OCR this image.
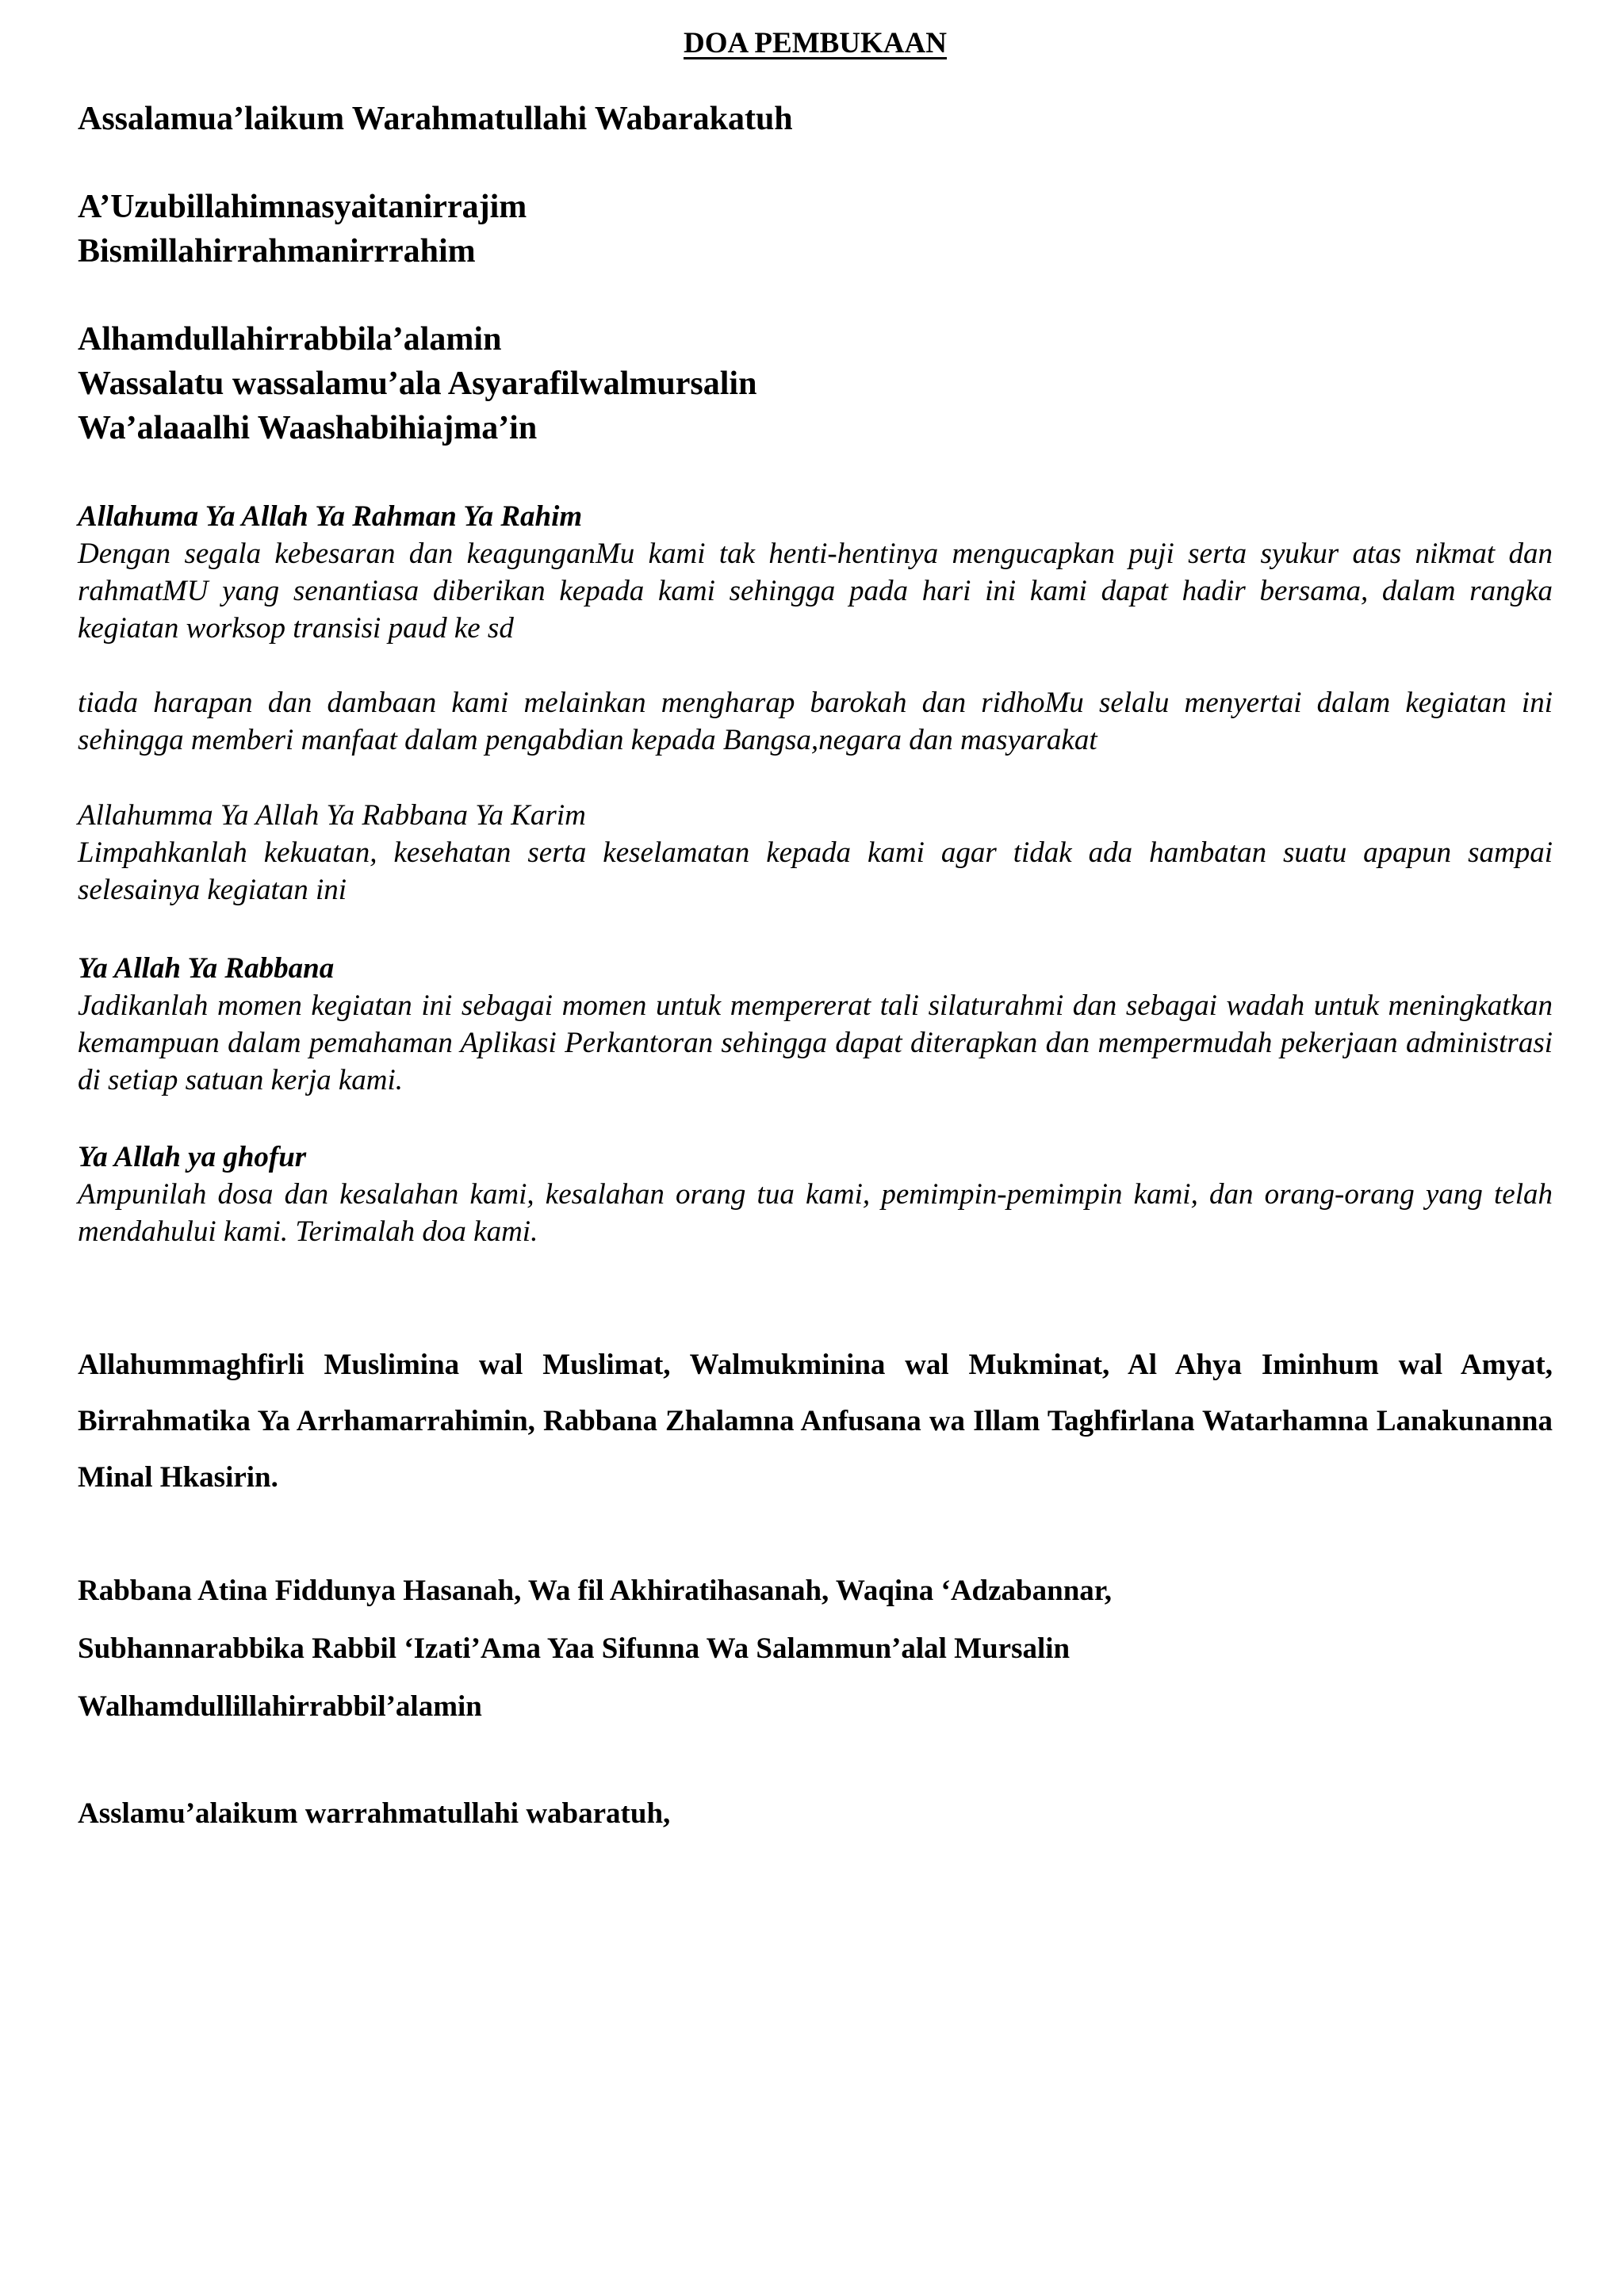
DOA PEMBUKAAN
Assalamua’laikum Warahmatullahi Wabarakatuh
A’Uzubillahimnasyaitanirrajim
Bismillahirrahmanirrrahim
Alhamdullahirrabbila’alamin
Wassalatu wassalamu’ala Asyarafilwalmursalin
Wa’alaaalhi Waashabihiajma’in
Allahuma Ya Allah Ya Rahman Ya Rahim
Dengan segala kebesaran dan keagunganMu kami tak henti-hentinya mengucapkan puji serta syukur atas nikmat dan rahmatMU yang senantiasa diberikan kepada kami sehingga pada hari ini kami dapat hadir bersama, dalam rangka kegiatan worksop transisi paud ke sd
tiada harapan dan dambaan kami melainkan mengharap barokah dan ridhoMu selalu menyertai dalam kegiatan ini sehingga memberi manfaat dalam pengabdian kepada Bangsa,negara dan masyarakat
Allahumma Ya Allah Ya Rabbana Ya Karim
Limpahkanlah kekuatan, kesehatan serta keselamatan kepada kami agar tidak ada hambatan suatu apapun sampai selesainya kegiatan ini
Ya Allah Ya Rabbana
Jadikanlah momen kegiatan ini sebagai momen untuk mempererat tali silaturahmi dan sebagai wadah untuk meningkatkan kemampuan dalam pemahaman Aplikasi Perkantoran sehingga dapat diterapkan dan mempermudah pekerjaan administrasi di setiap satuan kerja kami.
Ya Allah ya ghofur
Ampunilah dosa dan kesalahan kami, kesalahan orang tua kami, pemimpin-pemimpin kami, dan orang-orang yang telah mendahului kami. Terimalah doa kami.
Allahummaghfirli Muslimina wal Muslimat, Walmukminina wal Mukminat, Al Ahya Iminhum wal Amyat, Birrahmatika Ya Arrhamarrahimin, Rabbana Zhalamna Anfusana wa Illam Taghfirlana Watarhamna Lanakunanna Minal Hkasirin.
Rabbana Atina Fiddunya Hasanah, Wa fil Akhiratihasanah, Waqina ‘Adzabannar,
Subhannarabbika Rabbil ‘Izati’Ama Yaa Sifunna Wa Salammun’alal Mursalin
Walhamdullillahirrabbil’alamin
Asslamu’alaikum warrahmatullahi wabaratuh,
